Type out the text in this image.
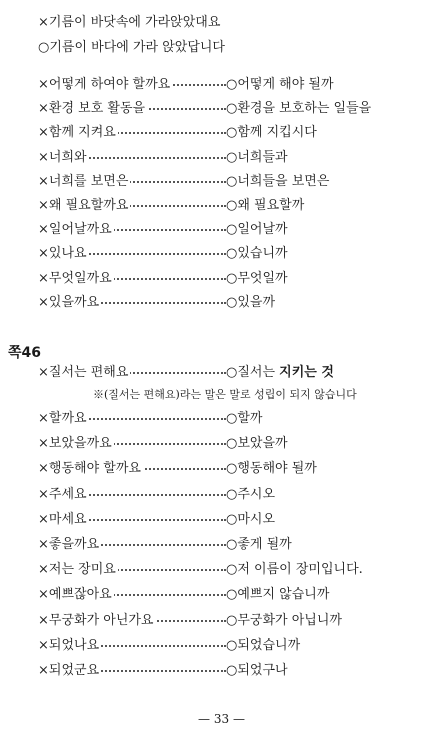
×기름이 바닷속에 가라앉았대요
○기름이 바다에 가라 앉았답니다
×어떻게 하여야 할까요	○어떻게 해야 될까
×환경 보호 활동을	○환경을 보호하는 일들을
×함께 지켜요	○함께 지킵시다
×너희와	○너희들과
×너희를 보면은	○너희들을 보면은
×왜 필요할까요	○왜 필요할까
×일어날까요	○일어날까
×있나요	○있습니까
×무엇일까요	○무엇일까
×있을까요	○있을까
쪽46
×질서는 편해요	○질서는 지키는 것
※(질서는 편해요)라는 말은 말로 성립이 되지 않습니다
×할까요	○할까
×보았을까요	○보았을까
×행동해야 할까요	○행동해야 될까
×주세요	○주시오
×마세요	○마시오
×좋을까요	○좋게 될까
×저는 장미요	○저 이름이 장미입니다.
×예쁘잖아요	○예쁘지 않습니까
×무궁화가 아닌가요	○무궁화가 아닙니까
×되었나요	○되었습니까
×되었군요	○되었구나
— 33 —
